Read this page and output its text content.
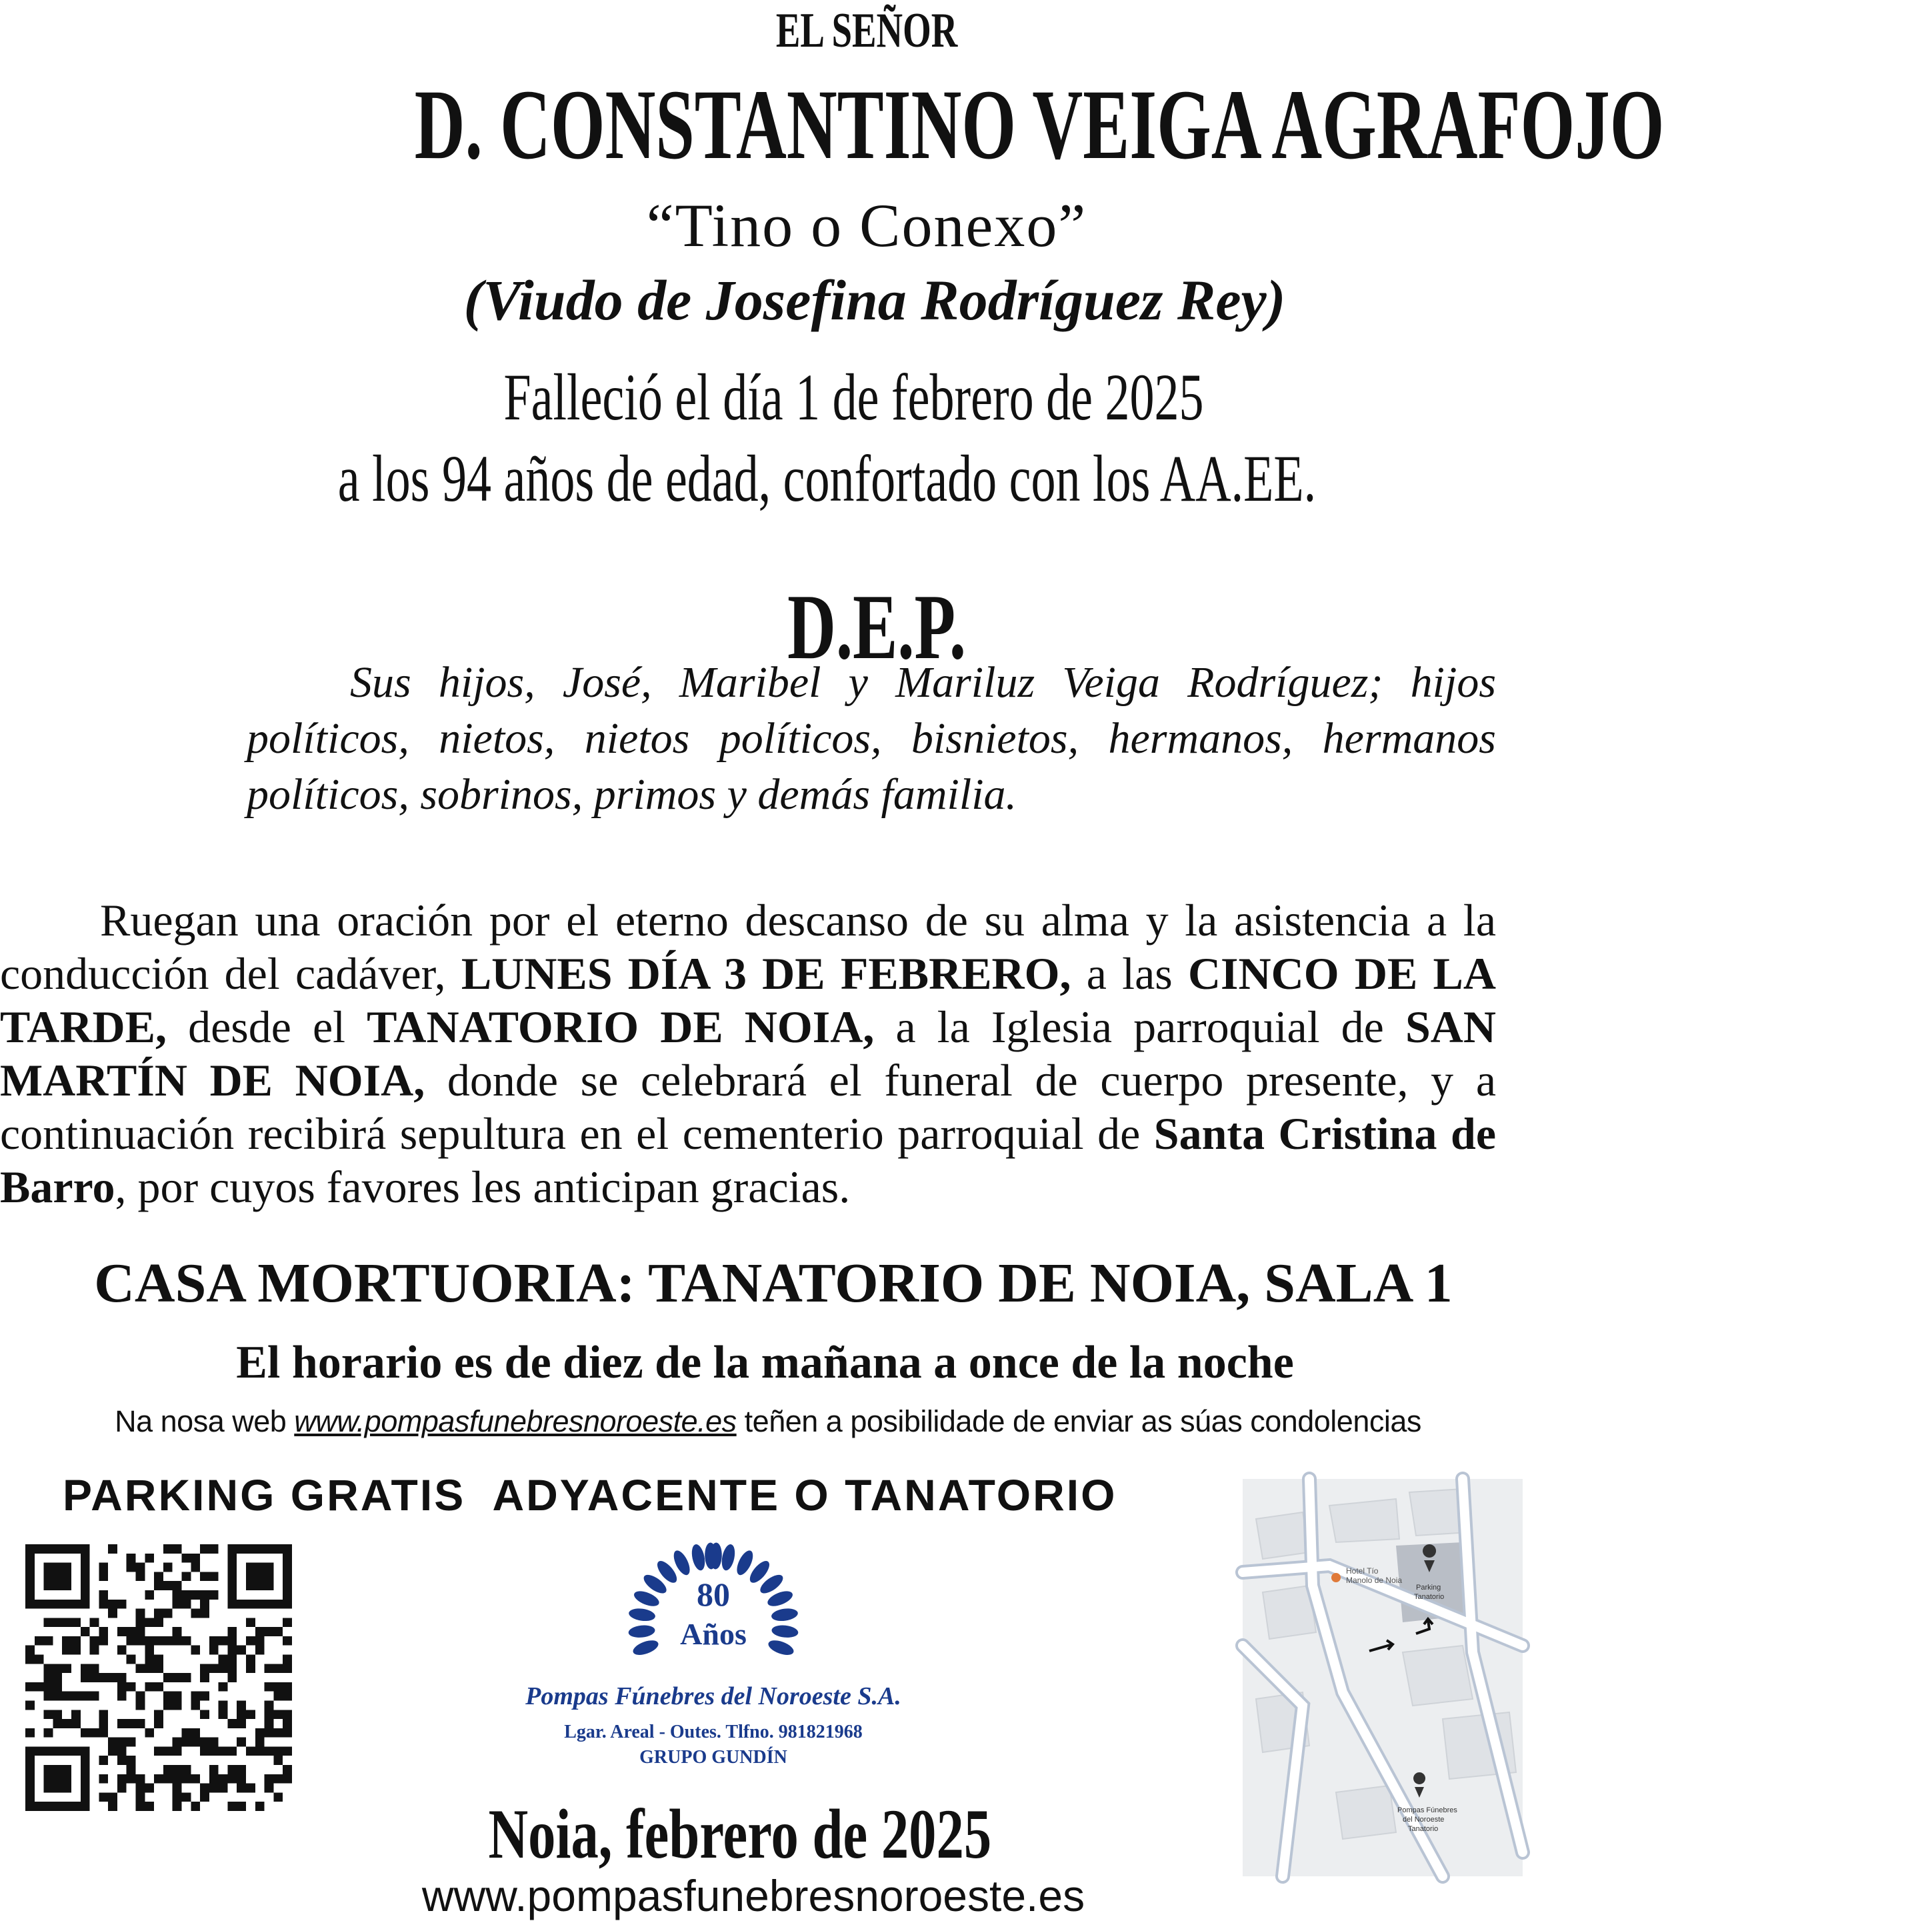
EL SEÑOR
D. CONSTANTINO VEIGA AGRAFOJO
“Tino o Conexo”
(Viudo de Josefina Rodríguez Rey)
Falleció el día 1 de febrero de 2025
a los 94 años de edad, confortado con los AA.EE.
D.E.P.
Sus hijos, José, Maribel y Mariluz Veiga Rodríguez; hijos políticos, nietos, nietos políticos, bisnietos, hermanos, hermanos políticos, sobrinos, primos y demás familia.
Ruegan una oración por el eterno descanso de su alma y la asistencia a la conducción del cadáver, LUNES DÍA 3 DE FEBRERO, a las CINCO DE LA TARDE, desde el TANATORIO DE NOIA, a la Iglesia parroquial de SAN MARTÍN DE NOIA, donde se celebrará el funeral de cuerpo presente, y a continuación recibirá sepultura en el cementerio parroquial de Santa Cristina de Barro, por cuyos favores les anticipan gracias.
CASA MORTUORIA: TANATORIO DE NOIA, SALA 1
El horario es de diez de la mañana a once de la noche
Na nosa web www.pompasfunebresnoroeste.es teñen a posibilidade de enviar as súas condolencias
PARKING GRATIS  ADYACENTE O TANATORIO
80
Años
Pompas Fúnebres del Noroeste S.A.
Lgar. Areal - Outes. Tlfno. 981821968
GRUPO GUNDÍN
Noia, febrero de 2025
www.pompasfunebresnoroeste.es
Hotel Tío
Manolo de Noia
Parking
Tanatorio
Pompas Fúnebres
del Noroeste
Tanatorio
